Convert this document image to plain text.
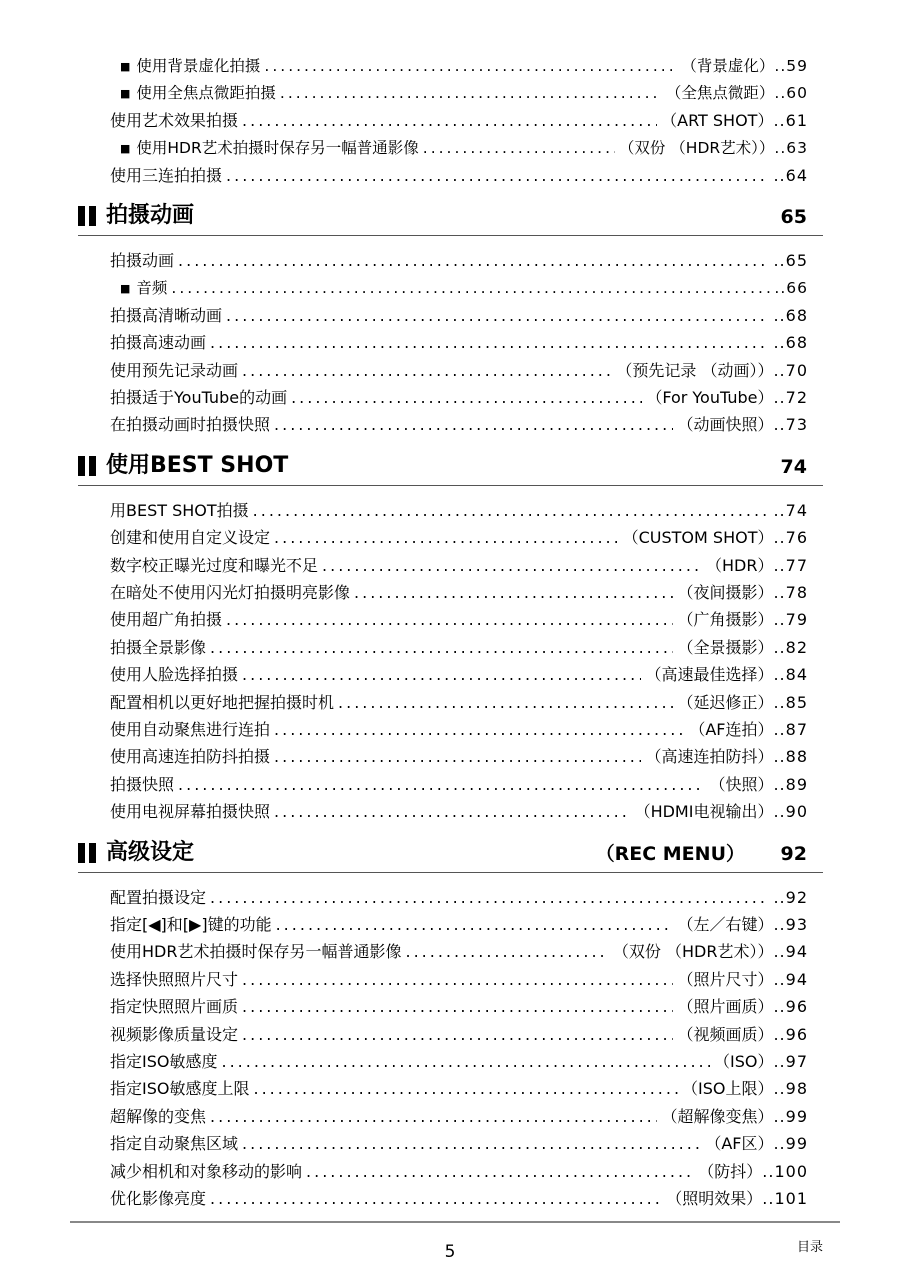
■ 使用背景虚化拍摄 .....	（背景虚化） .. 59
■ 使用全焦点微距拍摄 .....	（全焦点微距） .. 60
使用艺术效果拍摄 .....	（ART SHOT） .. 61
■ 使用HDR艺术拍摄时保存另一幅普通影像 .....	（双份 （HDR艺术）） .. 63
使用三连拍拍摄 .....	.. 64
拍摄动画	65
拍摄动画 .....	.. 65
■ 音频 .....	.. 66
拍摄高清晰动画 .....	.. 68
拍摄高速动画 .....	.. 68
使用预先记录动画 .....	（预先记录 （动画）） .. 70
拍摄适于YouTube的动画 .....	（For YouTube） .. 72
在拍摄动画时拍摄快照 .....	（动画快照） .. 73
使用BEST SHOT	74
用BEST SHOT拍摄 .....	.. 74
创建和使用自定义设定 .....	（CUSTOM SHOT） .. 76
数字校正曝光过度和曝光不足 .....	（HDR） .. 77
在暗处不使用闪光灯拍摄明亮影像 .....	（夜间摄影） .. 78
使用超广角拍摄 .....	（广角摄影） .. 79
拍摄全景影像 .....	（全景摄影） .. 82
使用人脸选择拍摄 .....	（高速最佳选择） .. 84
配置相机以更好地把握拍摄时机 .....	（延迟修正） .. 85
使用自动聚焦进行连拍 .....	（AF连拍） .. 87
使用高速连拍防抖拍摄 .....	（高速连拍防抖） .. 88
拍摄快照 .....	（快照） .. 89
使用电视屏幕拍摄快照 .....	（HDMI电视输出） .. 90
高级设定	（REC MENU） 92
配置拍摄设定 .....	.. 92
指定[◀]和[▶]键的功能 .....	（左／右键） .. 93
使用HDR艺术拍摄时保存另一幅普通影像 .....	（双份 （HDR艺术）） .. 94
选择快照照片尺寸 .....	（照片尺寸） .. 94
指定快照照片画质 .....	（照片画质） .. 96
视频影像质量设定 .....	（视频画质） .. 96
指定ISO敏感度 .....	（ISO） .. 97
指定ISO敏感度上限 .....	（ISO上限） .. 98
超解像的变焦 .....	（超解像变焦） .. 99
指定自动聚焦区域 .....	（AF区） .. 99
减少相机和对象移动的影响 .....	（防抖） .. 100
优化影像亮度 .....	（照明效果） .. 101
5	目录
